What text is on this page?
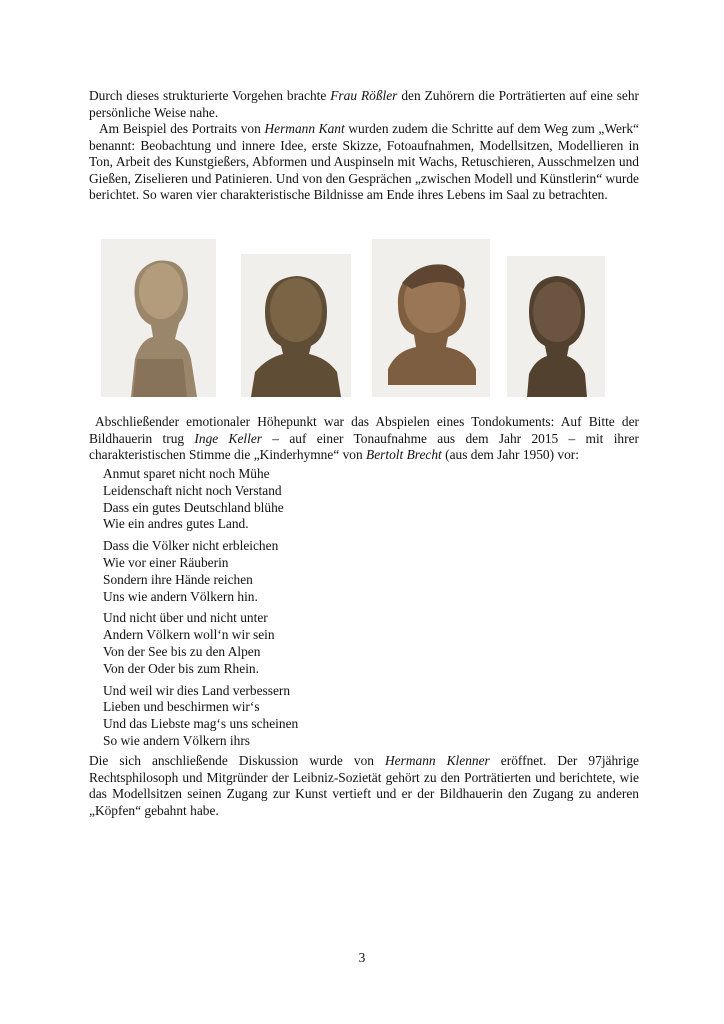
Durch dieses strukturierte Vorgehen brachte Frau Rößler den Zuhörern die Porträtierten auf eine sehr persönliche Weise nahe.

Am Beispiel des Portraits von Hermann Kant wurden zudem die Schritte auf dem Weg zum „Werk“ benannt: Beobachtung und innere Idee, erste Skizze, Fotoaufnahmen, Modellsitzen, Modellieren in Ton, Arbeit des Kunstgießers, Abformen und Auspinseln mit Wachs, Retuschieren, Ausschmelzen und Gießen, Ziselieren und Patinieren. Und von den Gesprächen „zwischen Modell und Künstlerin“ wurde berichtet. So waren vier charakteristische Bildnisse am Ende ihres Lebens im Saal zu betrachten.

Abschließender emotionaler Höhepunkt war das Abspielen eines Tondokuments: Auf Bitte der Bildhauerin trug Inge Keller – auf einer Tonaufnahme aus dem Jahr 2015 – mit ihrer charakteristischen Stimme die „Kinderhymne“ von Bertolt Brecht (aus dem Jahr 1950) vor:

Anmut sparet nicht noch Mühe
Leidenschaft nicht noch Verstand
Dass ein gutes Deutschland blühe
Wie ein andres gutes Land.
Dass die Völker nicht erbleichen
Wie vor einer Räuberin
Sondern ihre Hände reichen
Uns wie andern Völkern hin.
Und nicht über und nicht unter
Andern Völkern woll‘n wir sein
Von der See bis zu den Alpen
Von der Oder bis zum Rhein.
Und weil wir dies Land verbessern
Lieben und beschirmen wir‘s
Und das Liebste mag‘s uns scheinen
So wie andern Völkern ihrs

Die sich anschließende Diskussion wurde von Hermann Klenner eröffnet. Der 97jährige Rechtsphilosoph und Mitgründer der Leibniz-Sozietät gehört zu den Porträtierten und berichtete, wie das Modellsitzen seinen Zugang zur Kunst vertieft und er der Bildhauerin den Zugang zu anderen „Köpfen“ gebahnt habe.

3
